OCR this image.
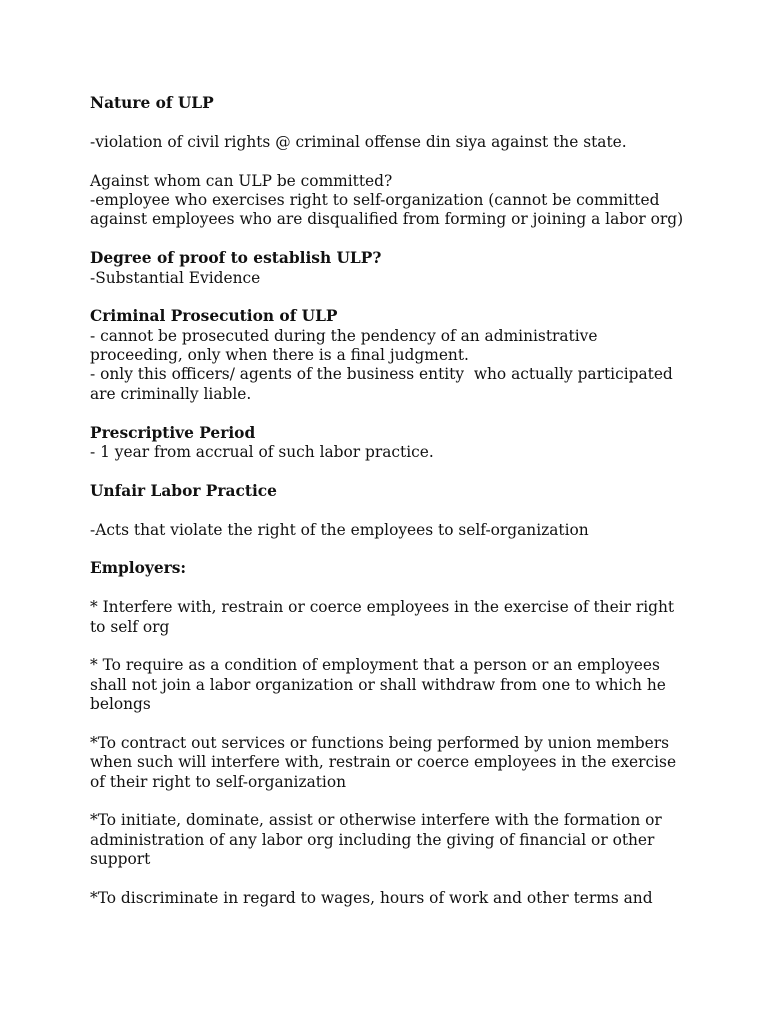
Nature of ULP

-violation of civil rights @ criminal offense din siya against the state.

Against whom can ULP be committed?

-employee who exercises right to self-organization (cannot be committed

against employees who are disqualified from forming or joining a labor org)

Degree of proof to establish ULP?

-Substantial Evidence

Criminal Prosecution of ULP

- cannot be prosecuted during the pendency of an administrative

proceeding, only when there is a final judgment.

- only this officers/ agents of the business entity  who actually participated

are criminally liable.

Prescriptive Period

- 1 year from accrual of such labor practice.

Unfair Labor Practice

-Acts that violate the right of the employees to self-organization

Employers:

* Interfere with, restrain or coerce employees in the exercise of their right

to self org

* To require as a condition of employment that a person or an employees

shall not join a labor organization or shall withdraw from one to which he

belongs

*To contract out services or functions being performed by union members

when such will interfere with, restrain or coerce employees in the exercise

of their right to self-organization

*To initiate, dominate, assist or otherwise interfere with the formation or

administration of any labor org including the giving of financial or other

support

*To discriminate in regard to wages, hours of work and other terms and
